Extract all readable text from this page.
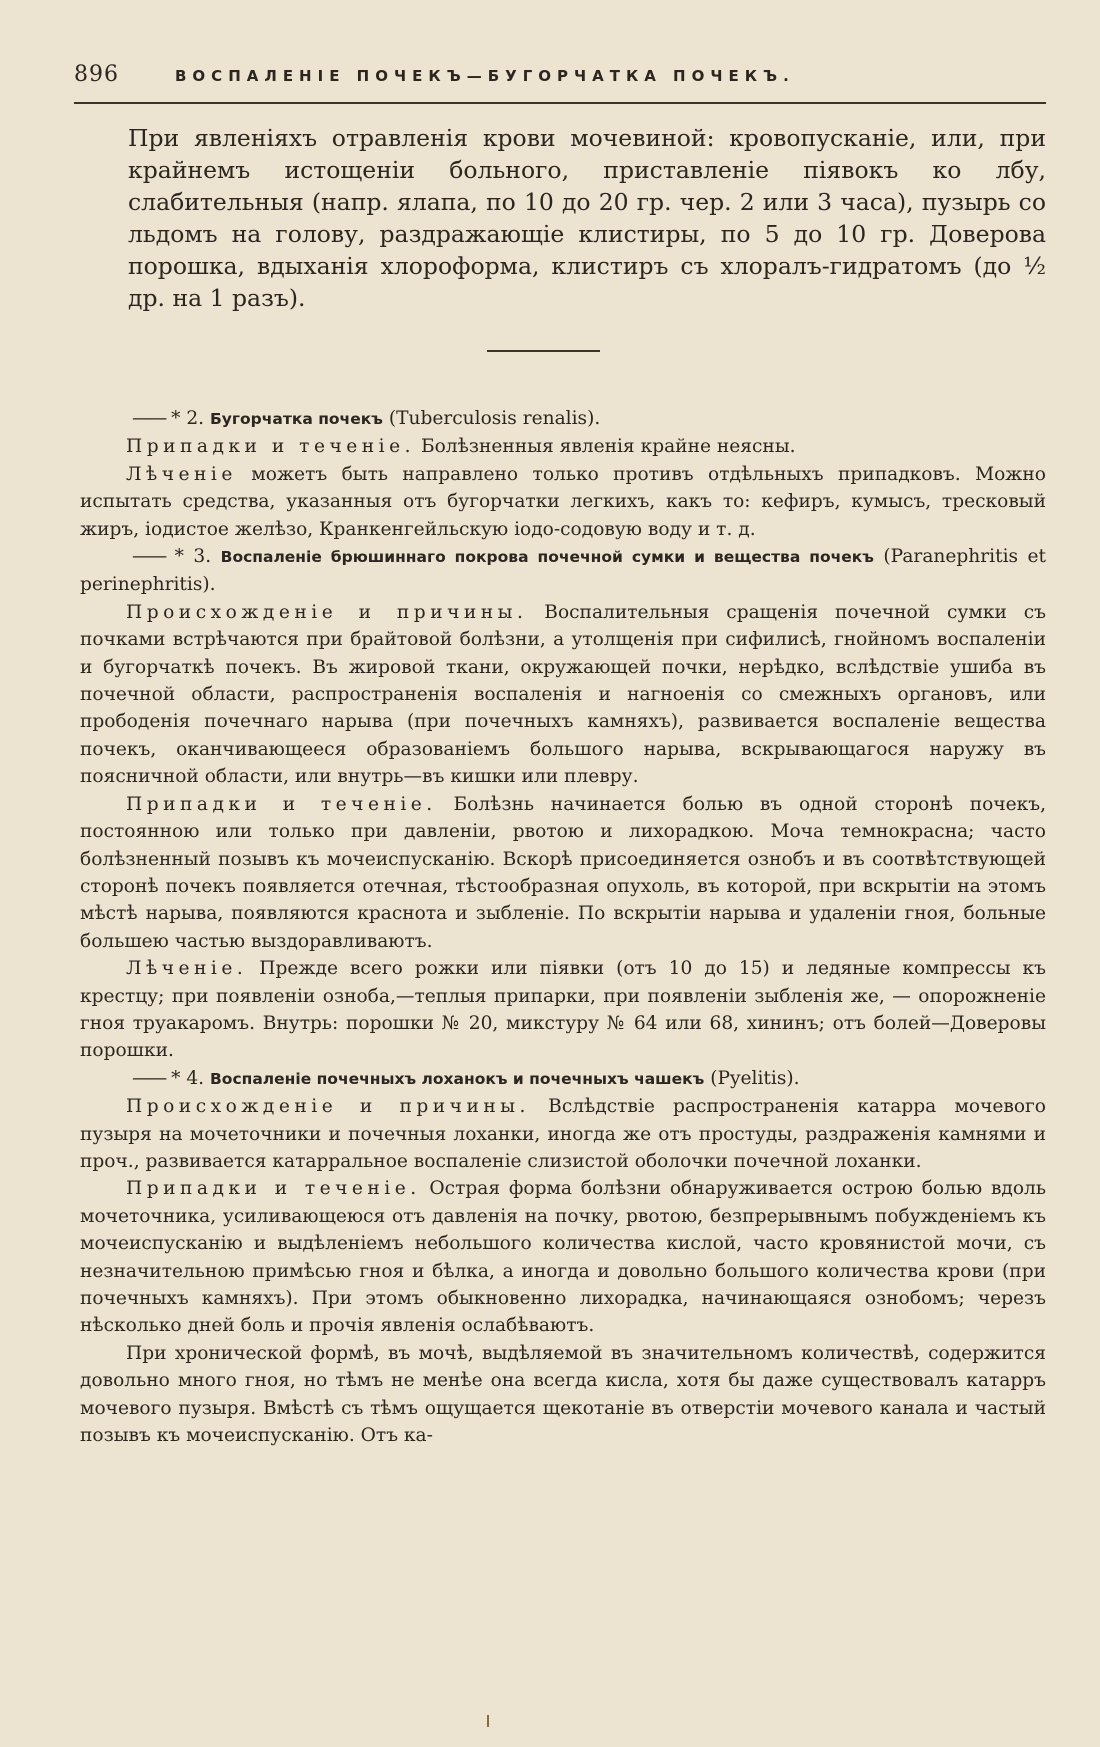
896	ВОСПАЛЕНІЕ ПОЧЕКЪ—БУГОРЧАТКА ПОЧЕКЪ.
При явленіяхъ отравленія крови мочевиной: кровопусканіе, или, при крайнемъ истощеніи больного, приставленіе піявокъ ко лбу, слабительныя (напр. ялапа, по 10 до 20 гр. чер. 2 или 3 часа), пузырь со льдомъ на голову, раздражающіе клистиры, по 5 до 10 гр. Доверова порошка, вдыханія хлороформа, клистиръ съ хлоралъ-гидратомъ (до ½ др. на 1 разъ).

—— * 2. Бугорчатка почекъ (Tuberculosis renalis).

Припадки и теченіе. Болѣзненныя явленія крайне неясны.

Лѣченіе можетъ быть направлено только противъ отдѣльныхъ припадковъ. Можно испытать средства, указанныя отъ бугорчатки легкихъ, какъ то: кефиръ, кумысъ, тресковый жиръ, іодистое желѣзо, Кранкенгейльскую іодо-содовую воду и т. д.

—— * 3. Воспаленіе брюшиннаго покрова почечной сумки и вещества почекъ (Paranephritis et perinephritis).

Происхожденіе и причины. Воспалительныя сращенія почечной сумки съ почками встрѣчаются при брайтовой болѣзни, а утолщенія при сифилисѣ, гнойномъ воспаленіи и бугорчаткѣ почекъ. Въ жировой ткани, окружающей почки, нерѣдко, вслѣдствіе ушиба въ почечной области, распространенія воспаленія и нагноенія со смежныхъ органовъ, или прободенія почечнаго нарыва (при почечныхъ камняхъ), развивается воспаленіе вещества почекъ, оканчивающееся образованіемъ большого нарыва, вскрывающагося наружу въ поясничной области, или внутрь—въ кишки или плевру.

Припадки и теченіе. Болѣзнь начинается болью въ одной сторонѣ почекъ, постоянною или только при давленіи, рвотою и лихорадкою. Моча темнокрасна; часто болѣзненный позывъ къ мочеиспусканію. Вскорѣ присоединяется ознобъ и въ соотвѣтствующей сторонѣ почекъ появляется отечная, тѣстообразная опухоль, въ которой, при вскрытіи на этомъ мѣстѣ нарыва, появляются краснота и зыбленіе. По вскрытіи нарыва и удаленіи гноя, больные большею частью выздоравливаютъ.

Лѣченіе. Прежде всего рожки или піявки (отъ 10 до 15) и ледяные компрессы къ крестцу; при появленіи озноба,—теплыя припарки, при появленіи зыбленія же, — опорожненіе гноя труакаромъ. Внутрь: порошки № 20, микстуру № 64 или 68, хининъ; отъ болей—Доверовы порошки.

—— * 4. Воспаленіе почечныхъ лоханокъ и почечныхъ чашекъ (Pyelitis).

Происхожденіе и причины. Вслѣдствіе распространенія катарра мочевого пузыря на мочеточники и почечныя лоханки, иногда же отъ простуды, раздраженія камнями и проч., развивается катарральное воспаленіе слизистой оболочки почечной лоханки.

Припадки и теченіе. Острая форма болѣзни обнаруживается острою болью вдоль мочеточника, усиливающеюся отъ давленія на почку, рвотою, безпрерывнымъ побужденіемъ къ мочеиспусканію и выдѣленіемъ небольшого количества кислой, часто кровянистой мочи, съ незначительною примѣсью гноя и бѣлка, а иногда и довольно большого количества крови (при почечныхъ камняхъ). При этомъ обыкновенно лихорадка, начинающаяся ознобомъ; черезъ нѣсколько дней боль и прочія явленія ослабѣваютъ.

При хронической формѣ, въ мочѣ, выдѣляемой въ значительномъ количествѣ, содержится довольно много гноя, но тѣмъ не менѣе она всегда кисла, хотя бы даже существовалъ катарръ мочевого пузыря. Вмѣстѣ съ тѣмъ ощущается щекотаніе въ отверстіи мочевого канала и частый позывъ къ мочеиспусканію. Отъ ка-
